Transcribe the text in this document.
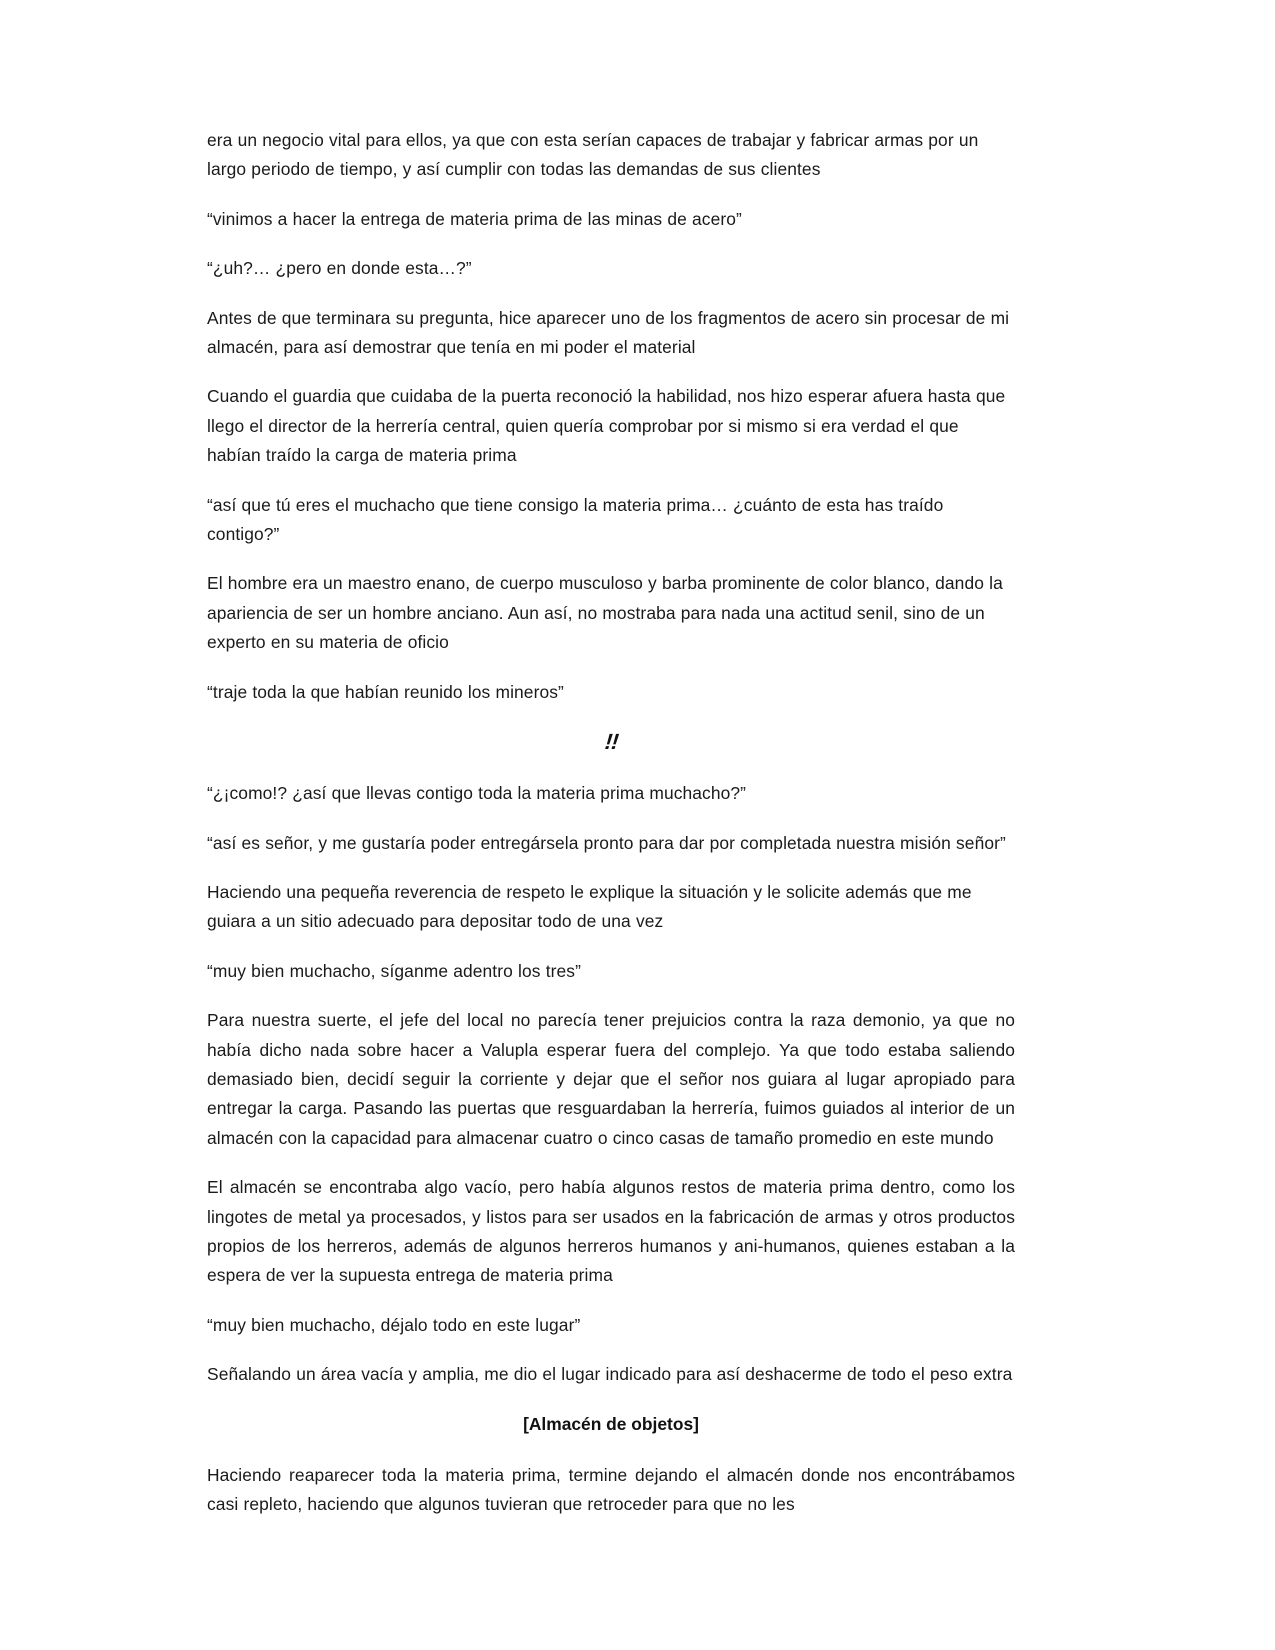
era un negocio vital para ellos, ya que con esta serían capaces de trabajar y fabricar armas por un largo periodo de tiempo, y así cumplir con todas las demandas de sus clientes

“vinimos a hacer la entrega de materia prima de las minas de acero”

“¿uh?… ¿pero en donde esta…?”

Antes de que terminara su pregunta, hice aparecer uno de los fragmentos de acero sin procesar de mi almacén, para así demostrar que tenía en mi poder el material

Cuando el guardia que cuidaba de la puerta reconoció la habilidad, nos hizo esperar afuera hasta que llego el director de la herrería central, quien quería comprobar por si mismo si era verdad el que habían traído la carga de materia prima

“así que tú eres el muchacho que tiene consigo la materia prima… ¿cuánto de esta has traído contigo?”

El hombre era un maestro enano, de cuerpo musculoso y barba prominente de color blanco, dando la apariencia de ser un hombre anciano. Aun así, no mostraba para nada una actitud senil, sino de un experto en su materia de oficio

“traje toda la que habían reunido los mineros”

!!

“¿¡como!? ¿así que llevas contigo toda la materia prima muchacho?”

“así es señor, y me gustaría poder entregársela pronto para dar por completada nuestra misión señor”

Haciendo una pequeña reverencia de respeto le explique la situación y le solicite además que me guiara a un sitio adecuado para depositar todo de una vez

“muy bien muchacho, síganme adentro los tres”

Para nuestra suerte, el jefe del local no parecía tener prejuicios contra la raza demonio, ya que no había dicho nada sobre hacer a Valupla esperar fuera del complejo. Ya que todo estaba saliendo demasiado bien, decidí seguir la corriente y dejar que el señor nos guiara al lugar apropiado para entregar la carga. Pasando las puertas que resguardaban la herrería, fuimos guiados al interior de un almacén con la capacidad para almacenar cuatro o cinco casas de tamaño promedio en este mundo

El almacén se encontraba algo vacío, pero había algunos restos de materia prima dentro, como los lingotes de metal ya procesados, y listos para ser usados en la fabricación de armas y otros productos propios de los herreros, además de algunos herreros humanos y ani-humanos, quienes estaban a la espera de ver la supuesta entrega de materia prima

“muy bien muchacho, déjalo todo en este lugar”

Señalando un área vacía y amplia, me dio el lugar indicado para así deshacerme de todo el peso extra

[Almacén de objetos]

Haciendo reaparecer toda la materia prima, termine dejando el almacén donde nos encontrábamos casi repleto, haciendo que algunos tuvieran que retroceder para que no les
